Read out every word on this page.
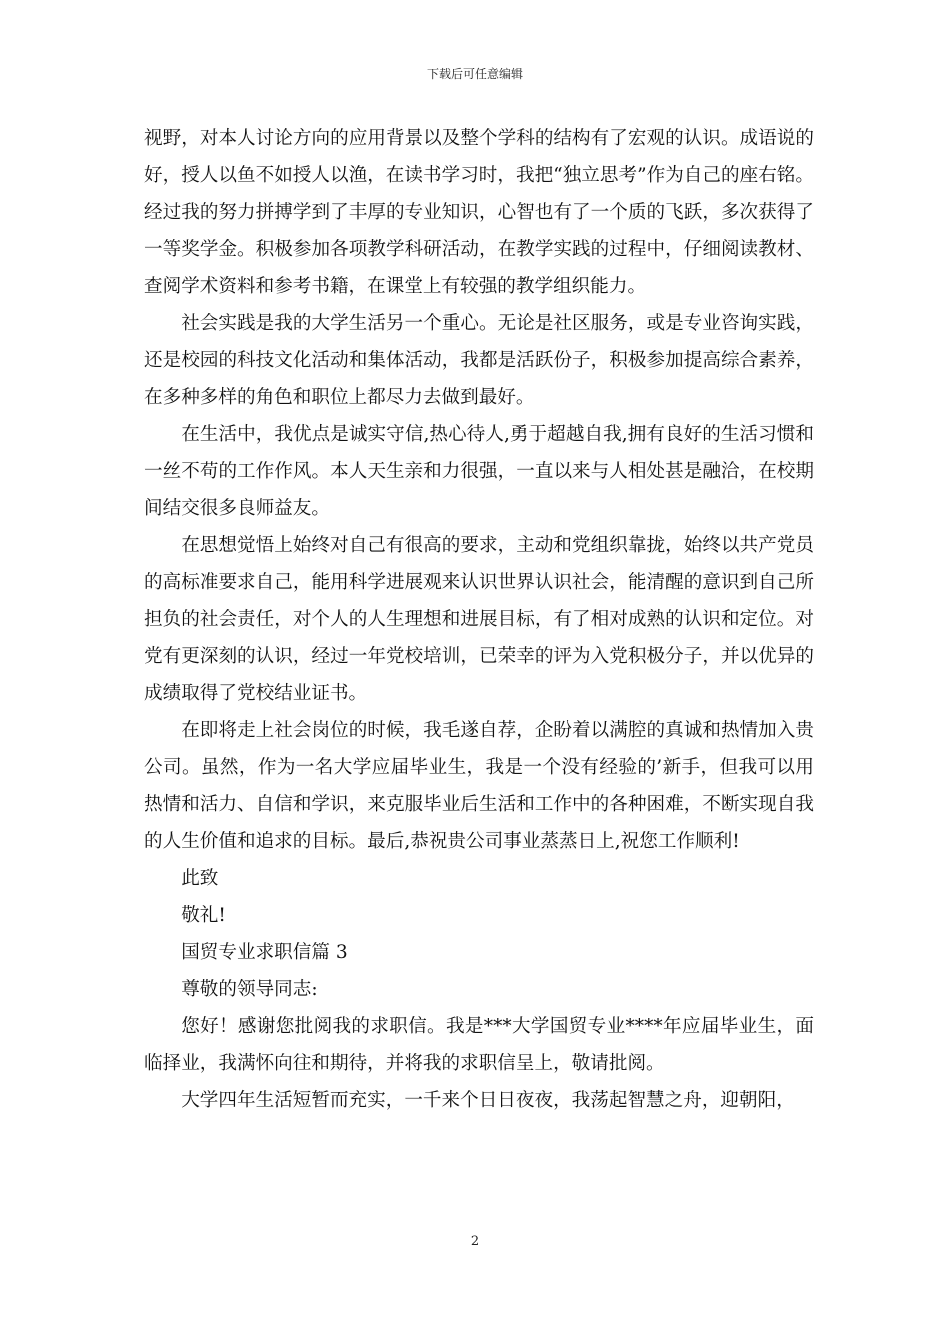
下载后可任意编辑

视野，对本人讨论方向的应用背景以及整个学科的结构有了宏观的认识。成语说的好，授人以鱼不如授人以渔，在读书学习时，我把“独立思考”作为自己的座右铭。经过我的努力拼搏学到了丰厚的专业知识，心智也有了一个质的飞跃，多次获得了一等奖学金。积极参加各项教学科研活动，在教学实践的过程中，仔细阅读教材、查阅学术资料和参考书籍，在课堂上有较强的教学组织能力。

社会实践是我的大学生活另一个重心。无论是社区服务，或是专业咨询实践，还是校园的科技文化活动和集体活动，我都是活跃份子，积极参加提高综合素养，在多种多样的角色和职位上都尽力去做到最好。

在生活中，我优点是诚实守信,热心待人,勇于超越自我,拥有良好的生活习惯和一丝不苟的工作作风。本人天生亲和力很强，一直以来与人相处甚是融洽，在校期间结交很多良师益友。

在思想觉悟上始终对自己有很高的要求，主动和党组织靠拢，始终以共产党员的高标准要求自己，能用科学进展观来认识世界认识社会，能清醒的意识到自己所担负的社会责任，对个人的人生理想和进展目标，有了相对成熟的认识和定位。对党有更深刻的认识，经过一年党校培训，已荣幸的评为入党积极分子，并以优异的成绩取得了党校结业证书。

在即将走上社会岗位的时候，我毛遂自荐，企盼着以满腔的真诚和热情加入贵公司。虽然，作为一名大学应届毕业生，我是一个没有经验的’新手，但我可以用热情和活力、自信和学识，来克服毕业后生活和工作中的各种困难，不断实现自我的人生价值和追求的目标。最后,恭祝贵公司事业蒸蒸日上,祝您工作顺利!

此致

敬礼!

国贸专业求职信篇 3

尊敬的领导同志:

您好！感谢您批阅我的求职信。我是***大学国贸专业****年应届毕业生，面临择业，我满怀向往和期待，并将我的求职信呈上，敬请批阅。

大学四年生活短暂而充实，一千来个日日夜夜，我荡起智慧之舟，迎朝阳，

2
